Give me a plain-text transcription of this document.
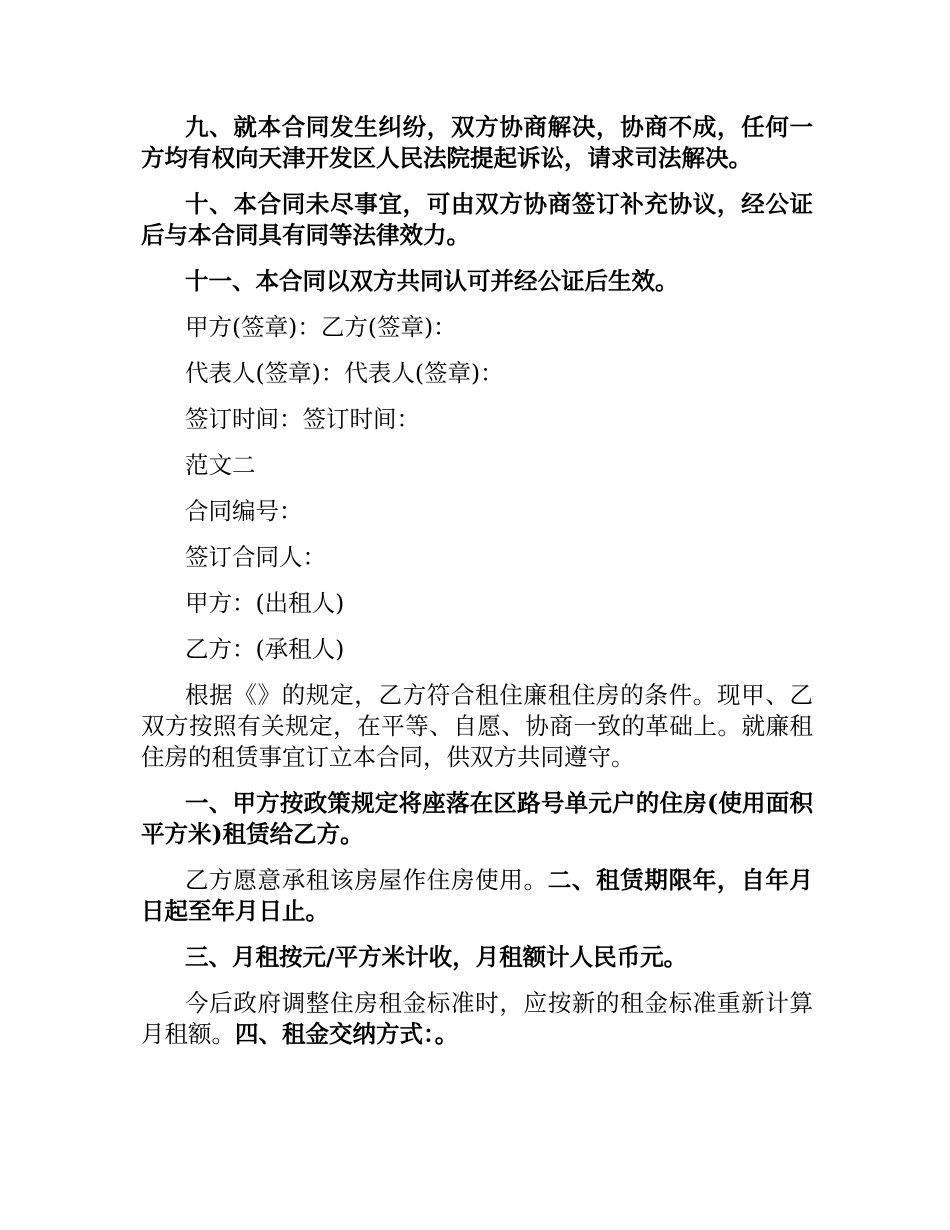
九、就本合同发生纠纷，双方协商解决，协商不成，任何一方均有权向天津开发区人民法院提起诉讼，请求司法解决。

十、本合同未尽事宜，可由双方协商签订补充协议，经公证后与本合同具有同等法律效力。

十一、本合同以双方共同认可并经公证后生效。

甲方(签章)：乙方(签章)：

代表人(签章)：代表人(签章)：

签订时间：签订时间：

范文二

合同编号：

签订合同人：

甲方：(出租人)

乙方：(承租人)

根据《》的规定，乙方符合租住廉租住房的条件。现甲、乙双方按照有关规定，在平等、自愿、协商一致的革础上。就廉租住房的租赁事宜订立本合同，供双方共同遵守。

一、甲方按政策规定将座落在区路号单元户的住房(使用面积平方米)租赁给乙方。

乙方愿意承租该房屋作住房使用。二、租赁期限年，自年月日起至年月日止。

三、月租按元/平方米计收，月租额计人民币元。

今后政府调整住房租金标准时，应按新的租金标准重新计算月租额。四、租金交纳方式：。
